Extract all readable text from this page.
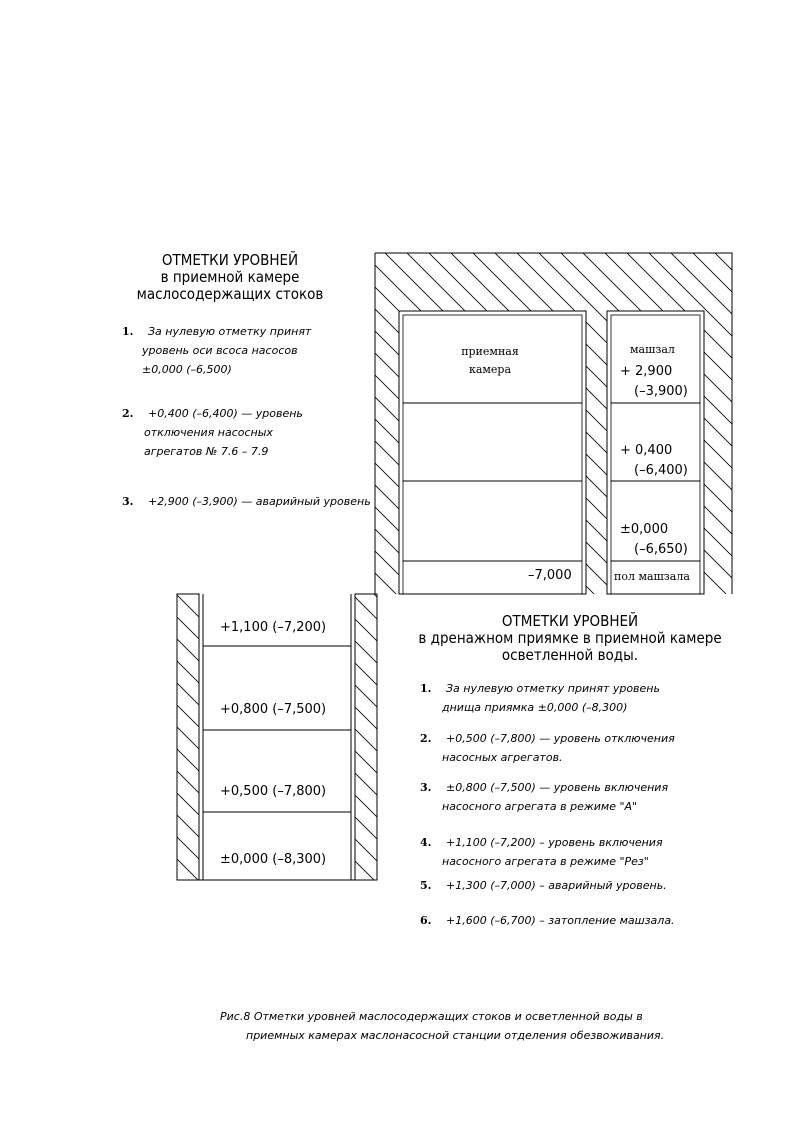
ОТМЕТКИ УРОВНЕЙ
в приемной камере
маслосодержащих стоков
1. За нулевую отметку принят
уровень оси всоса насосов
±0,000 (–6,500)
2. +0,400 (–6,400) — уровень
отключения насосных
агрегатов № 7.6 – 7.9
3. +2,900 (–3,900) — аварийный уровень
приемная
камера
машзал
+ 2,900
(–3,900)
+ 0,400
(–6,400)
±0,000
(–6,650)
–7,000	пол машзала
+1,100 (–7,200)
+0,800 (–7,500)
+0,500 (–7,800)
±0,000 (–8,300)
ОТМЕТКИ УРОВНЕЙ
в дренажном приямке в приемной камере
осветленной воды.
1. За нулевую отметку принят уровень
днища приямка ±0,000 (–8,300)
2. +0,500 (–7,800) — уровень отключения
насосных агрегатов.
3. ±0,800 (–7,500) — уровень включения
насосного агрегата в режиме "А"
4. +1,100 (–7,200) – уровень включения
насосного агрегата в режиме "Рез"
5. +1,300 (–7,000) – аварийный уровень.
6. +1,600 (–6,700) – затопление машзала.
Рис.8 Отметки уровней маслосодержащих стоков и осветленной воды в
приемных камерах маслонасосной станции отделения обезвоживания.
